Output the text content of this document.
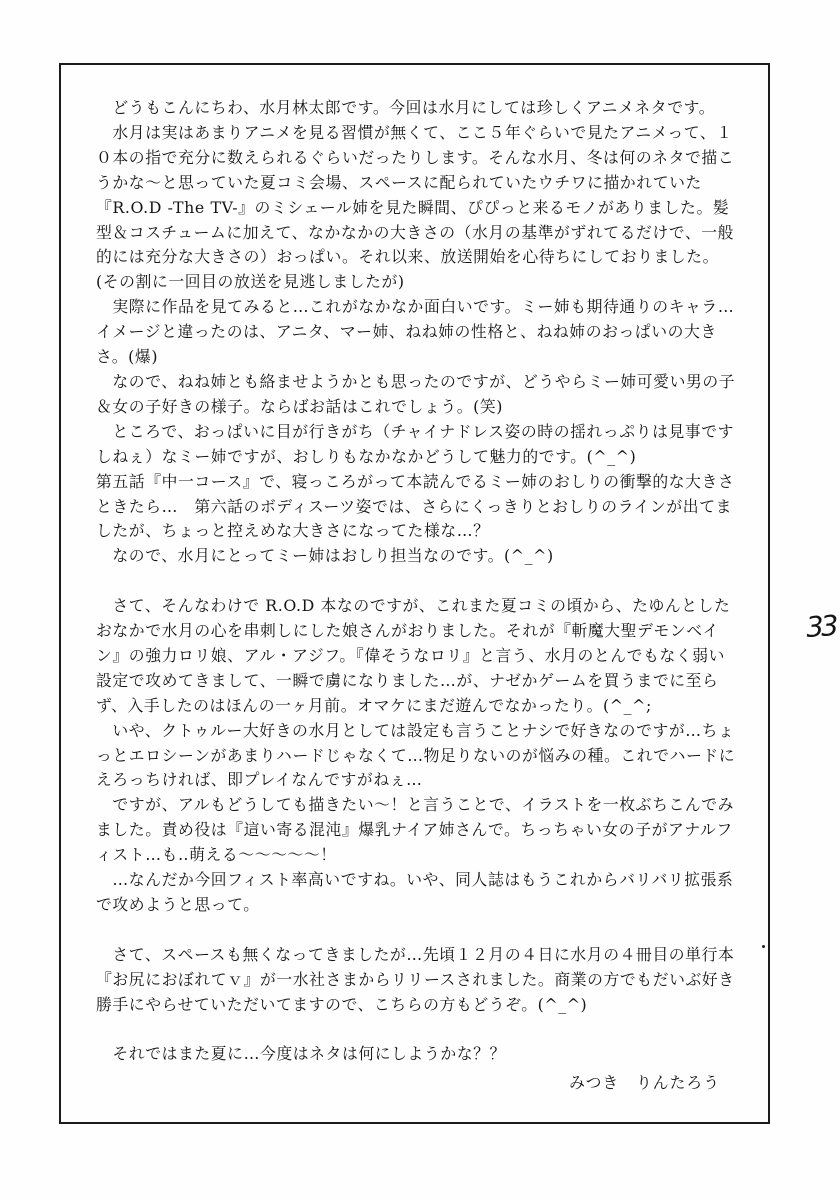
　どうもこんにちわ、水月林太郎です。今回は水月にしては珍しくアニメネタです。

　水月は実はあまりアニメを見る習慣が無くて、ここ５年ぐらいで見たアニメって、１０本の指で充分に数えられるぐらいだったりします。そんな水月、冬は何のネタで描こうかな〜と思っていた夏コミ会場、スペースに配られていたウチワに描かれていた『R.O.D -The TV-』のミシェール姉を見た瞬間、ぴぴっと来るモノがありました。髪型＆コスチュームに加えて、なかなかの大きさの（水月の基準がずれてるだけで、一般的には充分な大きさの）おっぱい。それ以来、放送開始を心待ちにしておりました。(その割に一回目の放送を見逃しましたが)

　実際に作品を見てみると…これがなかなか面白いです。ミー姉も期待通りのキャラ…イメージと違ったのは、アニタ、マー姉、ねね姉の性格と、ねね姉のおっぱいの大きさ。(爆)

　なので、ねね姉とも絡ませようかとも思ったのですが、どうやらミー姉可愛い男の子＆女の子好きの様子。ならばお話はこれでしょう。(笑)

　ところで、おっぱいに目が行きがち（チャイナドレス姿の時の揺れっぷりは見事ですしねぇ）なミー姉ですが、おしりもなかなかどうして魅力的です。(^_^)

第五話『中一コース』で、寝っころがって本読んでるミー姉のおしりの衝撃的な大きさときたら…　第六話のボディスーツ姿では、さらにくっきりとおしりのラインが出てましたが、ちょっと控えめな大きさになってた様な…？

　なので、水月にとってミー姉はおしり担当なのです。(^_^)

　さて、そんなわけで R.O.D 本なのですが、これまた夏コミの頃から、たゆんとしたおなかで水月の心を串刺しにした娘さんがおりました。それが『斬魔大聖デモンベイン』の強力ロリ娘、アル・アジフ。『偉そうなロリ』と言う、水月のとんでもなく弱い設定で攻めてきまして、一瞬で虜になりました…が、ナゼかゲームを買うまでに至らず、入手したのはほんの一ヶ月前。オマケにまだ遊んでなかったり。(^_^;

　いや、クトゥルー大好きの水月としては設定も言うことナシで好きなのですが…ちょっとエロシーンがあまりハードじゃなくて…物足りないのが悩みの種。これでハードにえろっちければ、即プレイなんですがねぇ…

　ですが、アルもどうしても描きたい〜！と言うことで、イラストを一枚ぶちこんでみました。責め役は『這い寄る混沌』爆乳ナイア姉さんで。ちっちゃい女の子がアナルフィスト…も‥萌える〜〜〜〜〜！

　…なんだか今回フィスト率高いですね。いや、同人誌はもうこれからバリバリ拡張系で攻めようと思って。

　さて、スペースも無くなってきましたが…先頃１２月の４日に水月の４冊目の単行本『お尻におぼれてｖ』が一水社さまからリリースされました。商業の方でもだいぶ好き勝手にやらせていただいてますので、こちらの方もどうぞ。(^_^)

　それではまた夏に…今度はネタは何にしようかな？？

みつき　りんたろう
33
